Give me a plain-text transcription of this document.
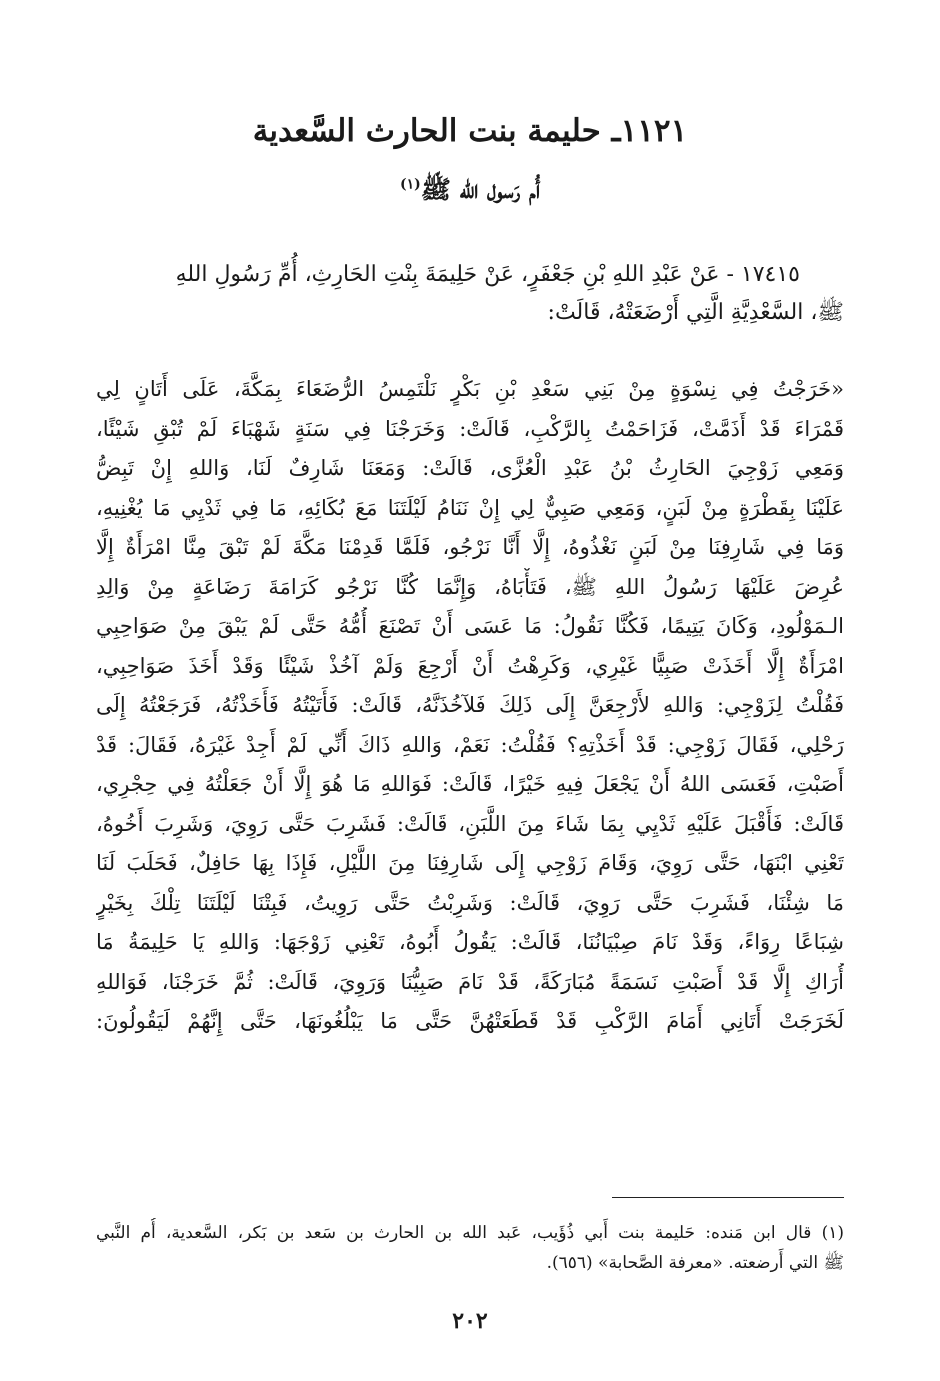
١١٢١ـ حليمة بنت الحارث السَّعدية
أُم رَسول الله ﷺ$^{(١)}$

١٧٤١٥ - عَنْ عَبْدِ اللهِ بْنِ جَعْفَرٍ، عَنْ حَلِيمَةَ بِنْتِ الحَارِثِ، أُمِّ رَسُولِ اللهِ
ﷺ، السَّعْدِيَّةِ الَّتِي أَرْضَعَتْهُ، قَالَتْ:

«خَرَجْتُ فِي نِسْوَةٍ مِنْ بَنِي سَعْدِ بْنِ بَكْرٍ نَلْتَمِسُ الرُّضَعَاءَ بِمَكَّةَ، عَلَى أَتَانٍ لِي
قَمْرَاءَ قَدْ أَذَمَّتْ، فَزَاحَمْتُ بِالرَّكْبِ، قَالَتْ: وَخَرَجْنَا فِي سَنَةٍ شَهْبَاءَ لَمْ تُبْقِ شَيْئًا،
وَمَعِي زَوْجِيَ الحَارِثُ بْنُ عَبْدِ الْعُزَّى، قَالَتْ: وَمَعَنَا شَارِفٌ لَنَا، وَاللهِ إِنْ تَبِضُّ
عَلَيْنَا بِقَطْرَةٍ مِنْ لَبَنٍ، وَمَعِي صَبِيٌّ لِي إِنْ نَنَامُ لَيْلَتَنَا مَعَ بُكَائِهِ، مَا فِي ثَدْيِي مَا يُغْنِيهِ،
وَمَا فِي شَارِفِنَا مِنْ لَبَنٍ نَغْذُوهُ، إِلَّا أَنَّا نَرْجُو، فَلَمَّا قَدِمْنَا مَكَّةَ لَمْ تَبْقَ مِنَّا امْرَأَةٌ إِلَّا
عُرِضَ عَلَيْهَا رَسُولُ اللهِ ﷺ، فَتَأْبَاهُ، وَإِنَّمَا كُنَّا نَرْجُو كَرَامَةَ رَضَاعَةٍ مِنْ وَالِدِ
الـمَوْلُودِ، وَكَانَ يَتِيمًا، فَكُنَّا نَقُولُ: مَا عَسَى أَنْ تَصْنَعَ أُمُّهُ حَتَّى لَمْ يَبْقَ مِنْ صَوَاحِبِي
امْرَأَةٌ إِلَّا أَخَذَتْ صَبِيًّا غَيْرِي، وَكَرِهْتُ أَنْ أَرْجِعَ وَلَمْ آخُذْ شَيْئًا وَقَدْ أَخَذَ صَوَاحِبِي،
فَقُلْتُ لِزَوْجِي: وَاللهِ لأَرْجِعَنَّ إِلَى ذَلِكَ فَلآخُذَنَّهُ، قَالَتْ: فَأَتَيْتُهُ فَأَخَذْتُهُ، فَرَجَعْتُهُ إِلَى
رَحْلِي، فَقَالَ زَوْجِي: قَدْ أَخَذْتِهِ؟ فَقُلْتُ: نَعَمْ، وَاللهِ ذَاكَ أَنِّي لَمْ أَجِدْ غَيْرَهُ، فَقَالَ: قَدْ
أَصَبْتِ، فَعَسَى اللهُ أَنْ يَجْعَلَ فِيهِ خَيْرًا، قَالَتْ: فَوَاللهِ مَا هُوَ إِلَّا أَنْ جَعَلْتُهُ فِي حِجْرِي،
قَالَتْ: فَأَقْبَلَ عَلَيْهِ ثَدْيِي بِمَا شَاءَ مِنَ اللَّبَنِ، قَالَتْ: فَشَرِبَ حَتَّى رَوِيَ، وَشَرِبَ أَخُوهُ،
تَعْنِي ابْنَهَا، حَتَّى رَوِيَ، وَقَامَ زَوْجِي إِلَى شَارِفِنَا مِنَ اللَّيْلِ، فَإِذَا بِهَا حَافِلٌ، فَحَلَبَ لَنَا
مَا شِئْنَا، فَشَرِبَ حَتَّى رَوِيَ، قَالَتْ: وَشَرِبْتُ حَتَّى رَوِيتُ، فَبِتْنَا لَيْلَتَنَا تِلْكَ بِخَيْرٍ
شِبَاعًا رِوَاءً، وَقَدْ نَامَ صِبْيَانُنَا، قَالَتْ: يَقُولُ أَبُوهُ، تَعْنِي زَوْجَهَا: وَاللهِ يَا حَلِيمَةُ مَا
أُرَاكِ إِلَّا قَدْ أَصَبْتِ نَسَمَةً مُبَارَكَةً، قَدْ نَامَ صَبِيُّنَا وَرَوِيَ، قَالَتْ: ثُمَّ خَرَجْنَا، فَوَاللهِ
لَخَرَجَتْ أَتَانِي أَمَامَ الرَّكْبِ قَدْ قَطَعَتْهُنَّ حَتَّى مَا يَبْلُغُونَهَا، حَتَّى إِنَّهُمْ لَيَقُولُونَ:
(١) قال ابن مَنده: حَليمة بنت أَبي ذُؤَيب، عَبد الله بن الحارث بن سَعد بن بَكر، السَّعدية، أُم النَّبي
ﷺ التي أَرضعته. «معرفة الصَّحابة» (٦٥٦).
٢٠٢
